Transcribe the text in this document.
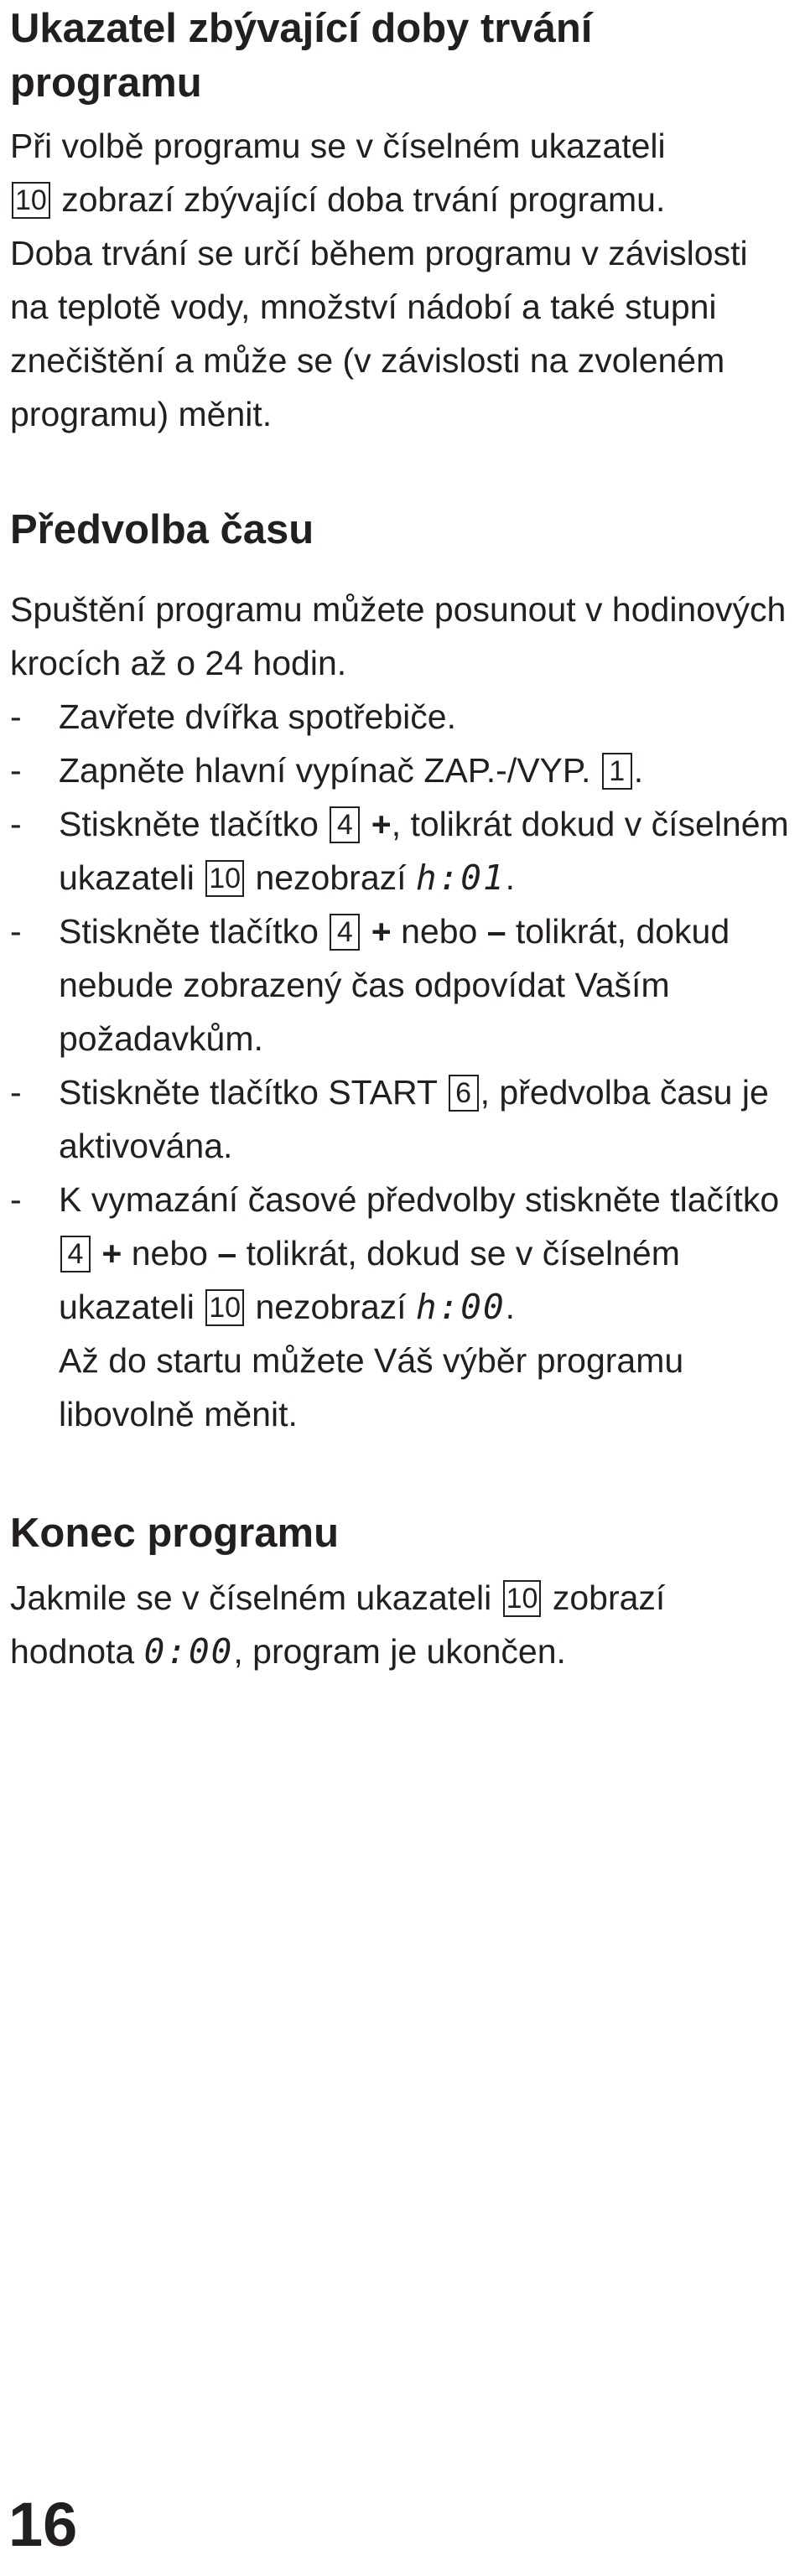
Ukazatel zbývající doby trvání
programu

Při volbě programu se v číselném ukazateli
10 zobrazí zbývající doba trvání programu.

Doba trvání se určí během programu v závislosti na teplotě vody, množství nádobí a také stupni znečištění a může se (v závislosti na zvoleném programu) měnit.

Předvolba času

Spuštění programu můžete posunout v hodinových krocích až o 24 hodin.

- Zavřete dvířka spotřebiče.
- Zapněte hlavní vypínač ZAP.-/VYP. 1 .
- Stiskněte tlačítko 4 +, tolikrát dokud v číselném ukazateli 10 nezobrazí h:01.
- Stiskněte tlačítko 4 + nebo – tolikrát, dokud nebude zobrazený čas odpovídat Vaším požadavkům.
- Stiskněte tlačítko START 6 , předvolba času je aktivována.
- K vymazání časové předvolby stiskněte tlačítko 4 + nebo – tolikrát, dokud se v číselném ukazateli 10 nezobrazí h:00.
Až do startu můžete Váš výběr programu libovolně měnit.
Konec programu

Jakmile se v číselném ukazateli 10 zobrazí hodnota 0:00, program je ukončen.

16
